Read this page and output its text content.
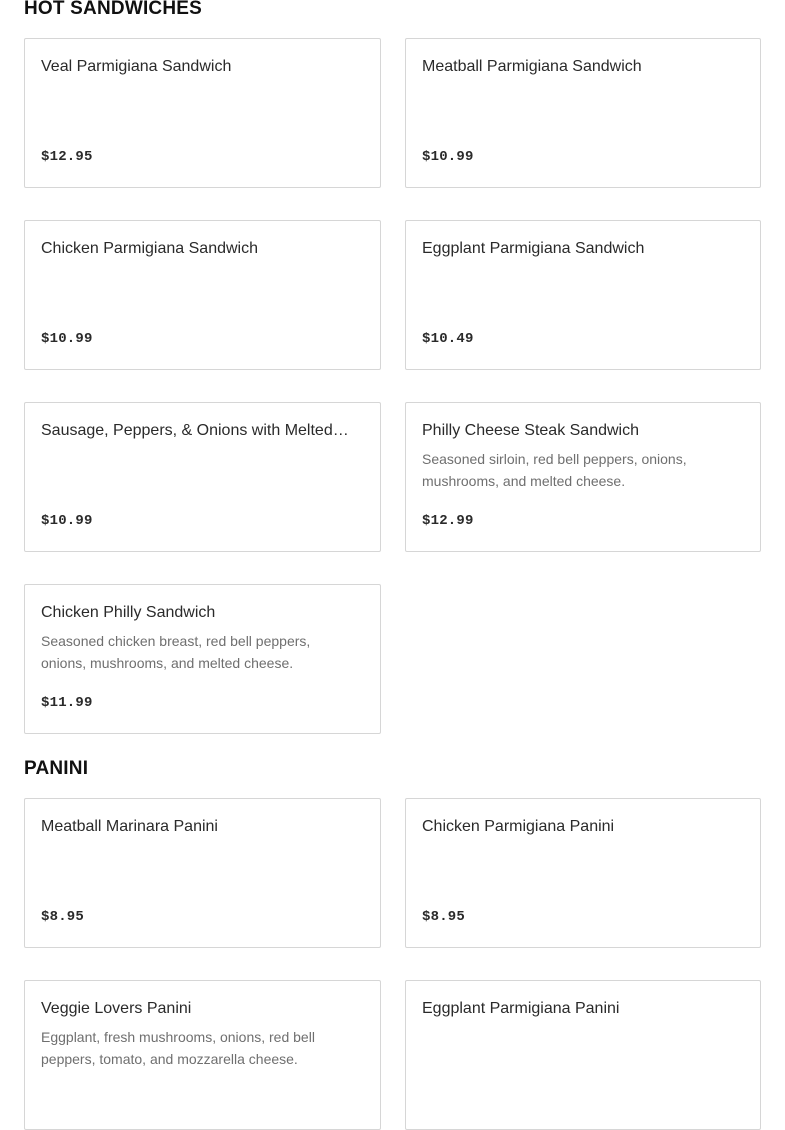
HOT SANDWICHES
Veal Parmigiana Sandwich
$12.95
Meatball Parmigiana Sandwich
$10.99
Chicken Parmigiana Sandwich
$10.99
Eggplant Parmigiana Sandwich
$10.49
Sausage, Peppers, & Onions with Melted…
$10.99
Philly Cheese Steak Sandwich
Seasoned sirloin, red bell peppers, onions, mushrooms, and melted cheese.
$12.99
Chicken Philly Sandwich
Seasoned chicken breast, red bell peppers, onions, mushrooms, and melted cheese.
$11.99
PANINI
Meatball Marinara Panini
$8.95
Chicken Parmigiana Panini
$8.95
Veggie Lovers Panini
Eggplant, fresh mushrooms, onions, red bell peppers, tomato, and mozzarella cheese.
Eggplant Parmigiana Panini
